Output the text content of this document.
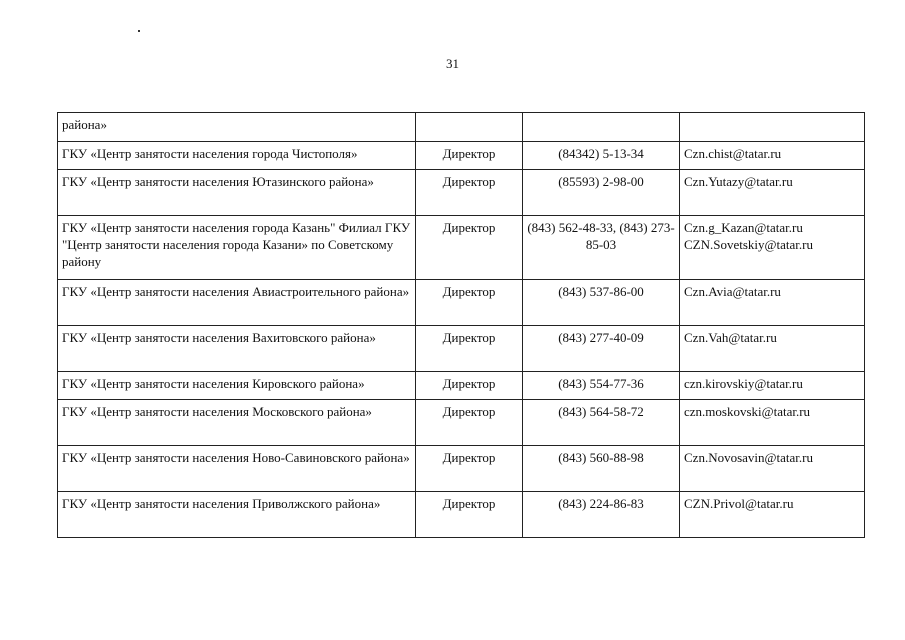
31
района»			
ГКУ «Центр занятости населения города Чистополя»	Директор	(84342) 5-13-34	Czn.chist@tatar.ru
ГКУ «Центр занятости населения Ютазинского района»	Директор	(85593) 2-98-00	Czn.Yutazy@tatar.ru
ГКУ «Центр занятости населения города Казань" Филиал ГКУ "Центр занятости населения города Казани» по Советскому району	Директор	(843) 562-48-33, (843) 273-85-03	Czn.g_Kazan@tatar.ru CZN.Sovetskiy@tatar.ru
ГКУ «Центр занятости населения Авиастроительного района»	Директор	(843) 537-86-00	Czn.Avia@tatar.ru
ГКУ «Центр занятости населения Вахитовского района»	Директор	(843) 277-40-09	Czn.Vah@tatar.ru
ГКУ «Центр занятости населения Кировского района»	Директор	(843) 554-77-36	czn.kirovskiy@tatar.ru
ГКУ «Центр занятости населения Московского района»	Директор	(843) 564-58-72	czn.moskovski@tatar.ru
ГКУ «Центр занятости населения Ново-Савиновского района»	Директор	(843) 560-88-98	Czn.Novosavin@tatar.ru
ГКУ «Центр занятости населения Приволжского района»	Директор	(843) 224-86-83	CZN.Privol@tatar.ru
